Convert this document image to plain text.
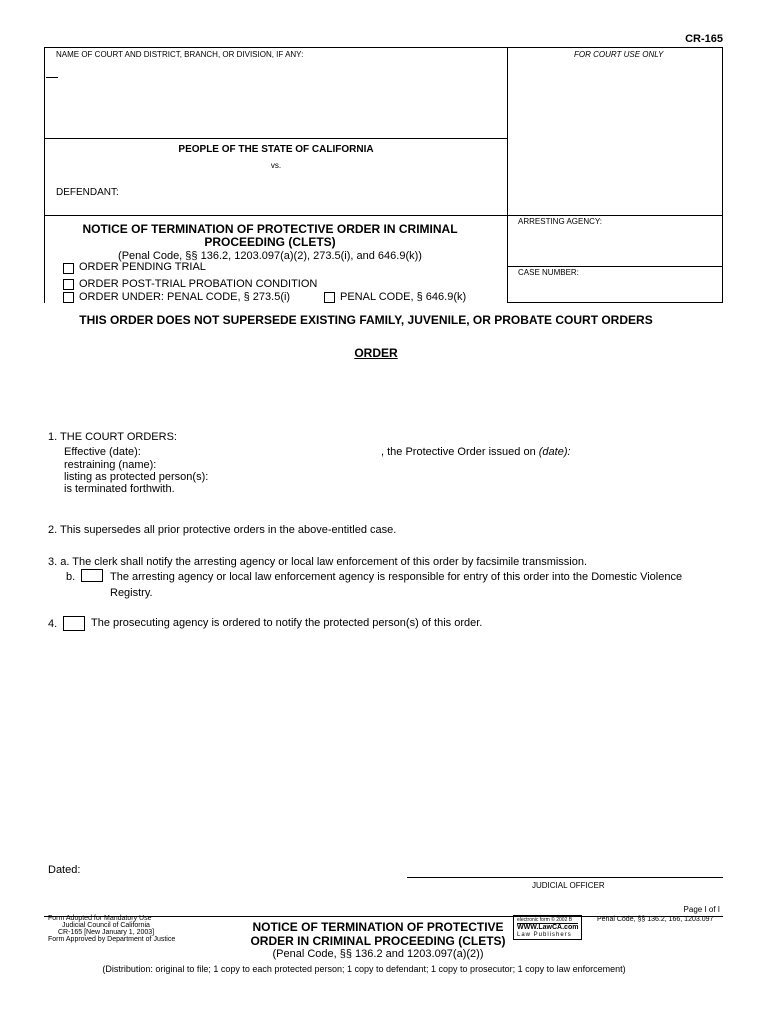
CR-165
NAME OF COURT AND DISTRICT, BRANCH, OR DIVISION, IF ANY:	FOR COURT USE ONLY
PEOPLE OF THE STATE OF CALIFORNIA
vs.
DEFENDANT:
NOTICE OF TERMINATION OF PROTECTIVE ORDER IN CRIMINAL
PROCEEDING (CLETS)
(Penal Code, §§ 136.2, 1203.097(a)(2), 273.5(i), and 646.9(k))
ORDER PENDING TRIAL
ORDER POST-TRIAL PROBATION CONDITION
ORDER UNDER: PENAL CODE, § 273.5(i)	PENAL CODE, § 646.9(k)
ARRESTING AGENCY:
CASE NUMBER:
THIS ORDER DOES NOT SUPERSEDE EXISTING FAMILY, JUVENILE, OR PROBATE COURT ORDERS
ORDER
1. THE COURT ORDERS:
Effective (date):	, the Protective Order issued on (date):
restraining (name):
listing as protected person(s):
is terminated forthwith.
2. This supersedes all prior protective orders in the above-entitled case.
3. a. The clerk shall notify the arresting agency or local law enforcement of this order by facsimile transmission.
b.	The arresting agency or local law enforcement agency is responsible for entry of this order into the Domestic Violence
Registry.
4.	The prosecuting agency is ordered to notify the protected person(s) of this order.
Dated:
JUDICIAL OFFICER
Page I of I
Form Adopted for Mandatory Use
Judicial Council of California
CR-165 [New January 1, 2003]
Form Approved by Department of Justice
NOTICE OF TERMINATION OF PROTECTIVE
ORDER IN CRIMINAL PROCEEDING (CLETS)
(Penal Code, §§ 136.2 and 1203.097(a)(2))
electronic form © 2002 B
WWW.LawCA.com
Law Publishers
Penal Code, §§ 136.2, 166, 1203.097
(Distribution: original to file; 1 copy to each protected person; 1 copy to defendant; 1 copy to prosecutor; 1 copy to law enforcement)
